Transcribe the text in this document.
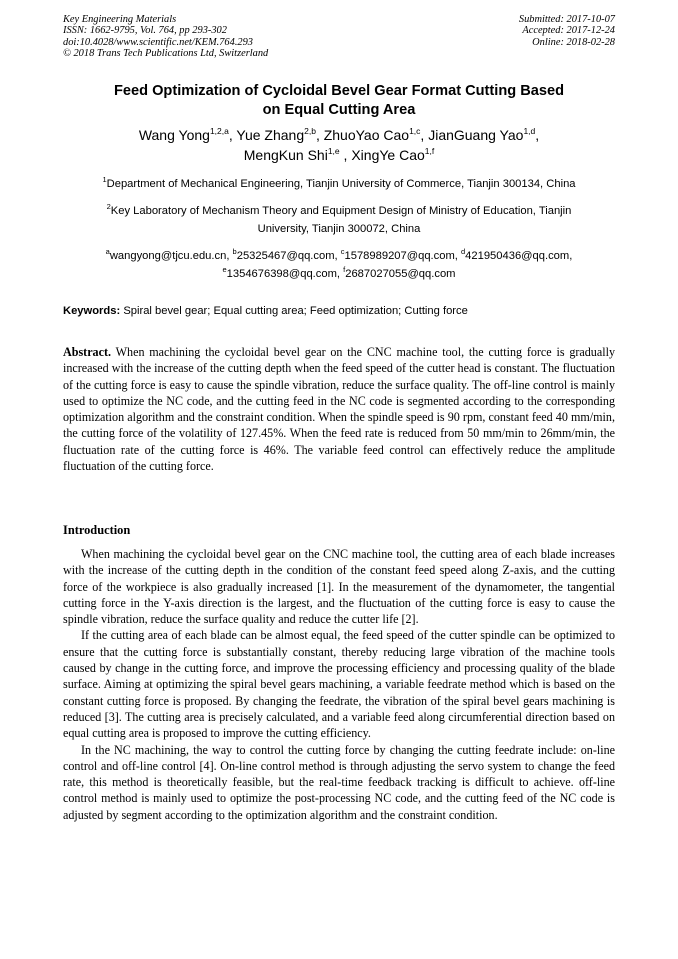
Key Engineering Materials
ISSN: 1662-9795, Vol. 764, pp 293-302
doi:10.4028/www.scientific.net/KEM.764.293
© 2018 Trans Tech Publications Ltd, Switzerland
Submitted: 2017-10-07
Accepted: 2017-12-24
Online: 2018-02-28
Feed Optimization of Cycloidal Bevel Gear Format Cutting Based
on Equal Cutting Area
Wang Yong$^{1,2,a}$, Yue Zhang$^{2,b}$, ZhuoYao Cao$^{1,c}$, JianGuang Yao$^{1,d}$,
MengKun Shi$^{1,e}$ , XingYe Cao$^{1,f}$
$^1$Department of Mechanical Engineering, Tianjin University of Commerce, Tianjin 300134, China
$^2$Key Laboratory of Mechanism Theory and Equipment Design of Ministry of Education, Tianjin
University, Tianjin 300072, China
$^a$wangyong@tjcu.edu.cn, $^b$25325467@qq.com, $^c$1578989207@qq.com, $^d$421950436@qq.com,
$^e$1354676398@qq.com, $^f$2687027055@qq.com
Keywords: Spiral bevel gear; Equal cutting area; Feed optimization; Cutting force
Abstract. When machining the cycloidal bevel gear on the CNC machine tool, the cutting force is gradually increased with the increase of the cutting depth when the feed speed of the cutter head is constant. The fluctuation of the cutting force is easy to cause the spindle vibration, reduce the surface quality. The off-line control is mainly used to optimize the NC code, and the cutting feed in the NC code is segmented according to the corresponding optimization algorithm and the constraint condition. When the spindle speed is 90 rpm, constant feed 40 mm/min, the cutting force of the volatility of 127.45%. When the feed rate is reduced from 50 mm/min to 26mm/min, the fluctuation rate of the cutting force is 46%. The variable feed control can effectively reduce the amplitude fluctuation of the cutting force.
Introduction

When machining the cycloidal bevel gear on the CNC machine tool, the cutting area of each blade increases with the increase of the cutting depth in the condition of the constant feed speed along Z-axis, and the cutting force of the workpiece is also gradually increased [1]. In the measurement of the dynamometer, the tangential cutting force in the Y-axis direction is the largest, and the fluctuation of the cutting force is easy to cause the spindle vibration, reduce the surface quality and reduce the cutter life [2].

If the cutting area of each blade can be almost equal, the feed speed of the cutter spindle can be optimized to ensure that the cutting force is substantially constant, thereby reducing large vibration of the machine tools caused by change in the cutting force, and improve the processing efficiency and processing quality of the blade surface. Aiming at optimizing the spiral bevel gears machining, a variable feedrate method which is based on the constant cutting force is proposed. By changing the feedrate, the vibration of the spiral bevel gears machining is reduced [3]. The cutting area is precisely calculated, and a variable feed along circumferential direction based on equal cutting area is proposed to improve the cutting efficiency.

In the NC machining, the way to control the cutting force by changing the cutting feedrate include: on-line control and off-line control [4]. On-line control method is through adjusting the servo system to change the feed rate, this method is theoretically feasible, but the real-time feedback tracking is difficult to achieve. off-line control method is mainly used to optimize the post-processing NC code, and the cutting feed of the NC code is adjusted by segment according to the optimization algorithm and the constraint condition.
